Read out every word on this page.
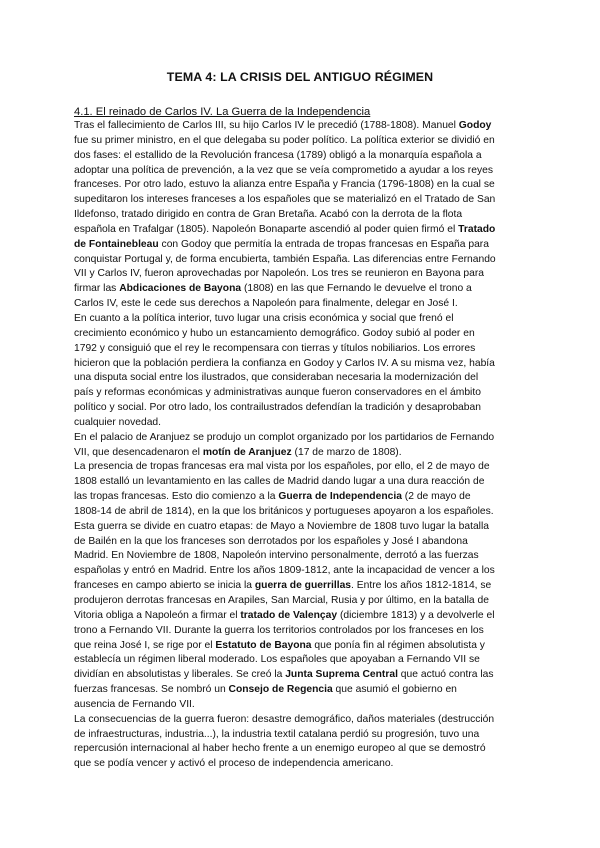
TEMA 4: LA CRISIS DEL ANTIGUO RÉGIMEN
4.1. El reinado de Carlos IV. La Guerra de la Independencia

Tras el fallecimiento de Carlos III, su hijo Carlos IV le precedió (1788-1808). Manuel Godoy
fue su primer ministro, en el que delegaba su poder político. La política exterior se dividió en
dos fases: el estallido de la Revolución francesa (1789) obligó a la monarquía española a
adoptar una política de prevención, a la vez que se veía comprometido a ayudar a los reyes
franceses. Por otro lado, estuvo la alianza entre España y Francia (1796-1808) en la cual se
supeditaron los intereses franceses a los españoles que se materializó en el Tratado de San
Ildefonso, tratado dirigido en contra de Gran Bretaña. Acabó con la derrota de la flota
española en Trafalgar (1805). Napoleón Bonaparte ascendió al poder quien firmó el Tratado
de Fontainebleau con Godoy que permitía la entrada de tropas francesas en España para
conquistar Portugal y, de forma encubierta, también España. Las diferencias entre Fernando
VII y Carlos IV, fueron aprovechadas por Napoleón. Los tres se reunieron en Bayona para
firmar las Abdicaciones de Bayona (1808) en las que Fernando le devuelve el trono a
Carlos IV, este le cede sus derechos a Napoleón para finalmente, delegar en José I.

En cuanto a la política interior, tuvo lugar una crisis económica y social que frenó el
crecimiento económico y hubo un estancamiento demográfico. Godoy subió al poder en
1792 y consiguió que el rey le recompensara con tierras y títulos nobiliarios. Los errores
hicieron que la población perdiera la confianza en Godoy y Carlos IV. A su misma vez, había
una disputa social entre los ilustrados, que consideraban necesaria la modernización del
país y reformas económicas y administrativas aunque fueron conservadores en el ámbito
político y social. Por otro lado, los contrailustrados defendían la tradición y desaprobaban
cualquier novedad.

En el palacio de Aranjuez se produjo un complot organizado por los partidarios de Fernando
VII, que desencadenaron el motín de Aranjuez (17 de marzo de 1808).

La presencia de tropas francesas era mal vista por los españoles, por ello, el 2 de mayo de
1808 estalló un levantamiento en las calles de Madrid dando lugar a una dura reacción de
las tropas francesas. Esto dio comienzo a la Guerra de Independencia (2 de mayo de
1808-14 de abril de 1814), en la que los británicos y portugueses apoyaron a los españoles.
Esta guerra se divide en cuatro etapas: de Mayo a Noviembre de 1808 tuvo lugar la batalla
de Bailén en la que los franceses son derrotados por los españoles y José I abandona
Madrid. En Noviembre de 1808, Napoleón intervino personalmente, derrotó a las fuerzas
españolas y entró en Madrid. Entre los años 1809-1812, ante la incapacidad de vencer a los
franceses en campo abierto se inicia la guerra de guerrillas. Entre los años 1812-1814, se
produjeron derrotas francesas en Arapiles, San Marcial, Rusia y por último, en la batalla de
Vitoria obliga a Napoleón a firmar el tratado de Valençay (diciembre 1813) y a devolverle el
trono a Fernando VII. Durante la guerra los territorios controlados por los franceses en los
que reina José I, se rige por el Estatuto de Bayona que ponía fin al régimen absolutista y
establecía un régimen liberal moderado. Los españoles que apoyaban a Fernando VII se
dividían en absolutistas y liberales. Se creó la Junta Suprema Central que actuó contra las
fuerzas francesas. Se nombró un Consejo de Regencia que asumió el gobierno en
ausencia de Fernando VII.

La consecuencias de la guerra fueron: desastre demográfico, daños materiales (destrucción
de infraestructuras, industria...), la industria textil catalana perdió su progresión, tuvo una
repercusión internacional al haber hecho frente a un enemigo europeo al que se demostró
que se podía vencer y activó el proceso de independencia americano.
